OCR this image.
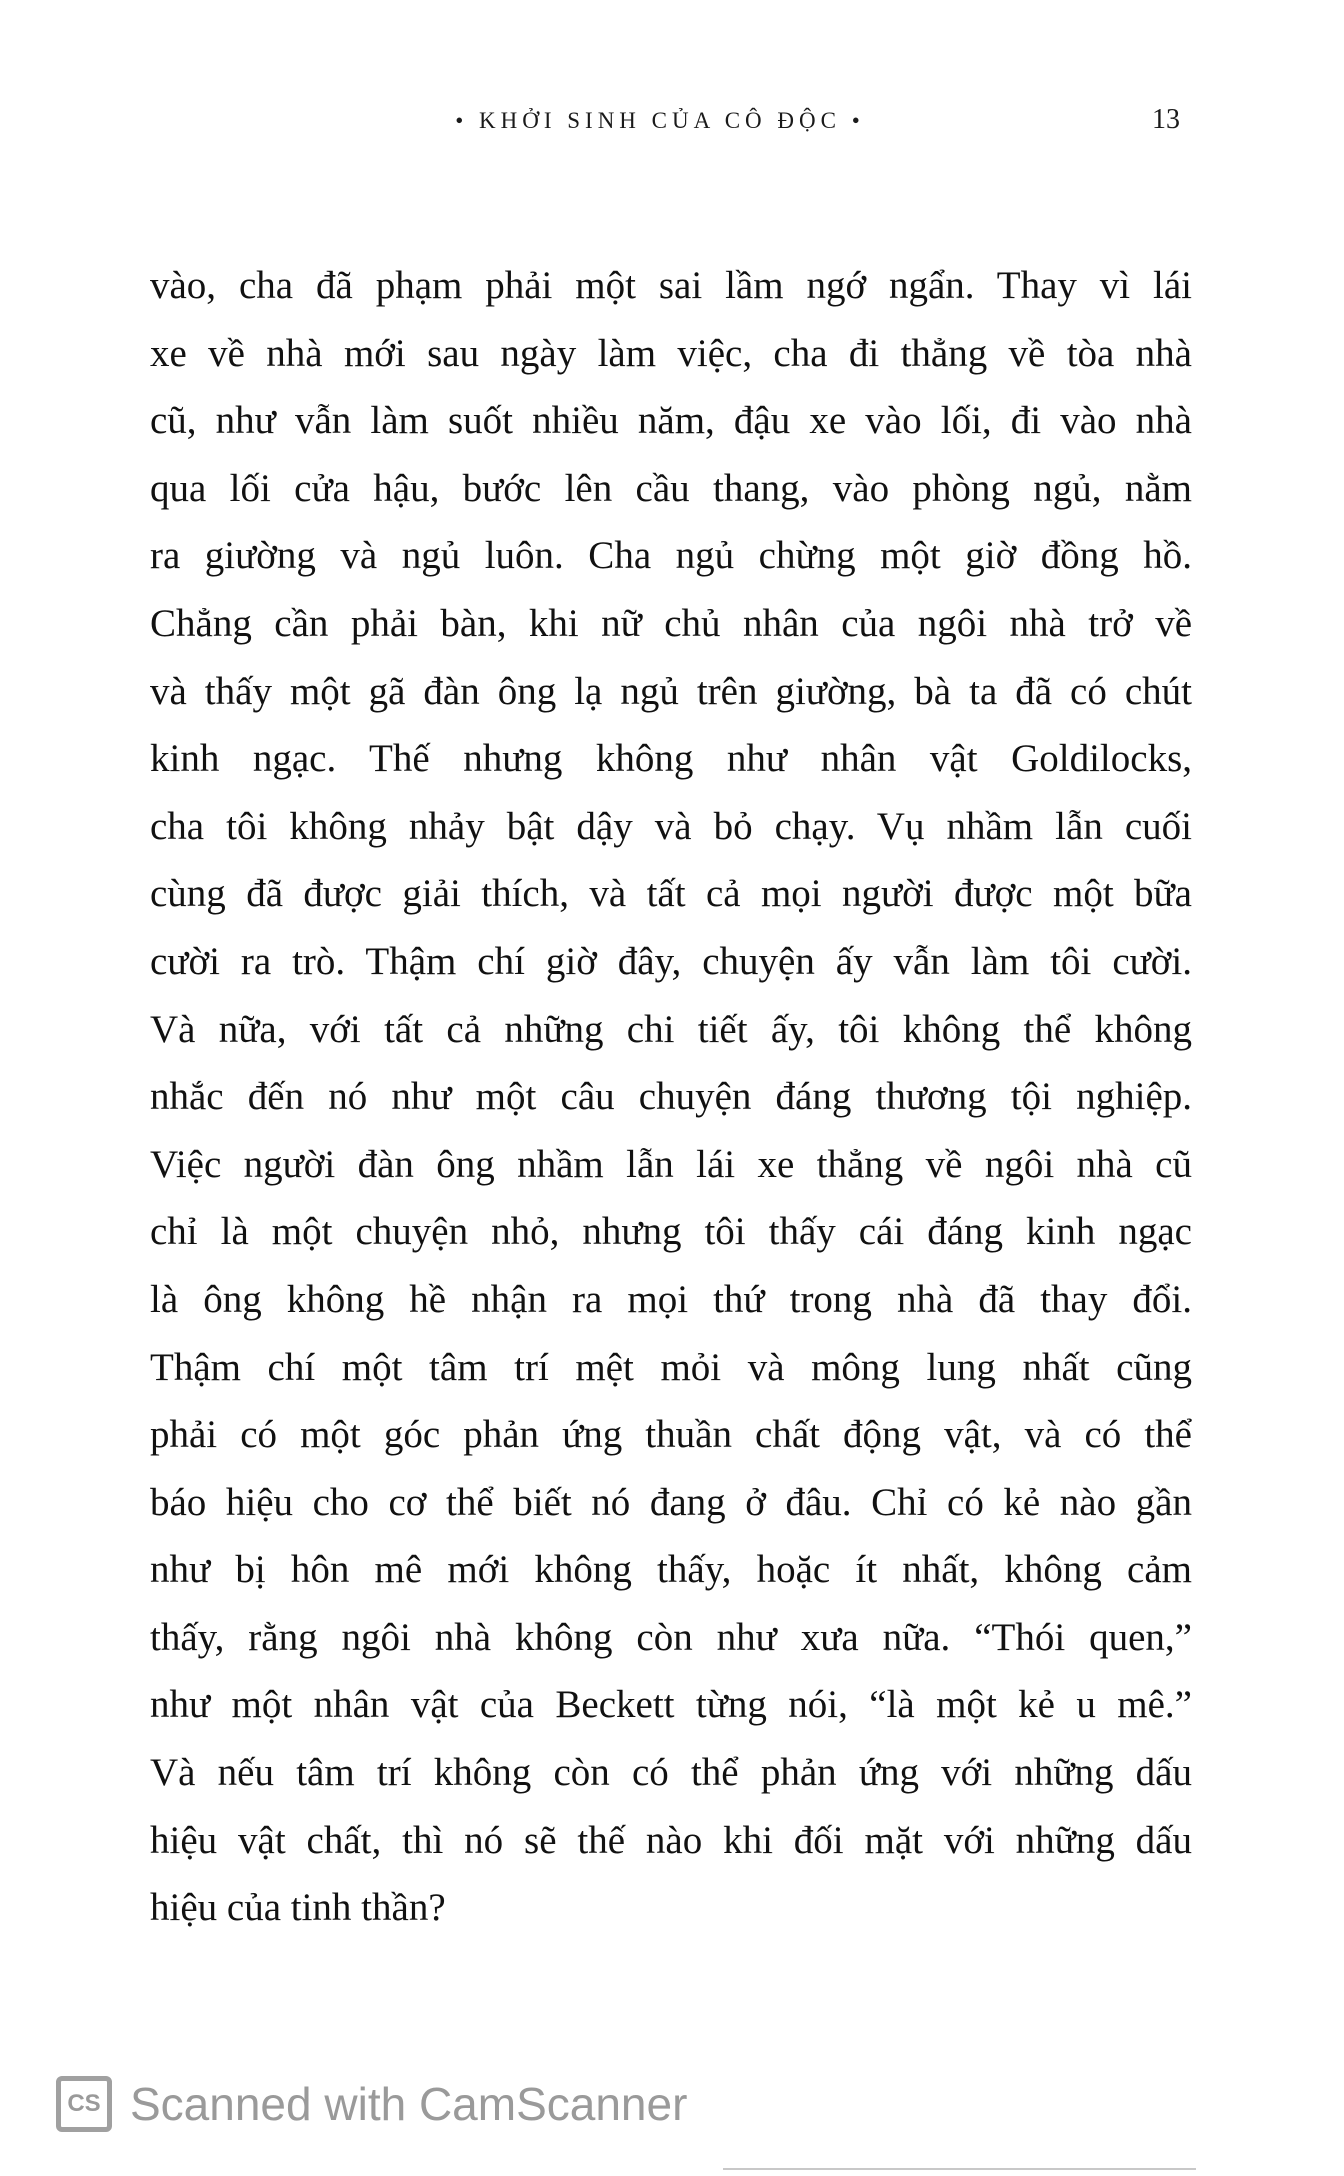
• KHỞI SINH CỦA CÔ ĐỘC •	13
vào, cha đã phạm phải một sai lầm ngớ ngẩn. Thay vì lái
xe về nhà mới sau ngày làm việc, cha đi thẳng về tòa nhà
cũ, như vẫn làm suốt nhiều năm, đậu xe vào lối, đi vào nhà
qua lối cửa hậu, bước lên cầu thang, vào phòng ngủ, nằm
ra giường và ngủ luôn. Cha ngủ chừng một giờ đồng hồ.
Chẳng cần phải bàn, khi nữ chủ nhân của ngôi nhà trở về
và thấy một gã đàn ông lạ ngủ trên giường, bà ta đã có chút
kinh ngạc. Thế nhưng không như nhân vật Goldilocks,
cha tôi không nhảy bật dậy và bỏ chạy. Vụ nhầm lẫn cuối
cùng đã được giải thích, và tất cả mọi người được một bữa
cười ra trò. Thậm chí giờ đây, chuyện ấy vẫn làm tôi cười.
Và nữa, với tất cả những chi tiết ấy, tôi không thể không
nhắc đến nó như một câu chuyện đáng thương tội nghiệp.
Việc người đàn ông nhầm lẫn lái xe thẳng về ngôi nhà cũ
chỉ là một chuyện nhỏ, nhưng tôi thấy cái đáng kinh ngạc
là ông không hề nhận ra mọi thứ trong nhà đã thay đổi.
Thậm chí một tâm trí mệt mỏi và mông lung nhất cũng
phải có một góc phản ứng thuần chất động vật, và có thể
báo hiệu cho cơ thể biết nó đang ở đâu. Chỉ có kẻ nào gần
như bị hôn mê mới không thấy, hoặc ít nhất, không cảm
thấy, rằng ngôi nhà không còn như xưa nữa. “Thói quen,”
như một nhân vật của Beckett từng nói, “là một kẻ u mê.”
Và nếu tâm trí không còn có thể phản ứng với những dấu
hiệu vật chất, thì nó sẽ thế nào khi đối mặt với những dấu
hiệu của tinh thần?
CS Scanned with CamScanner
